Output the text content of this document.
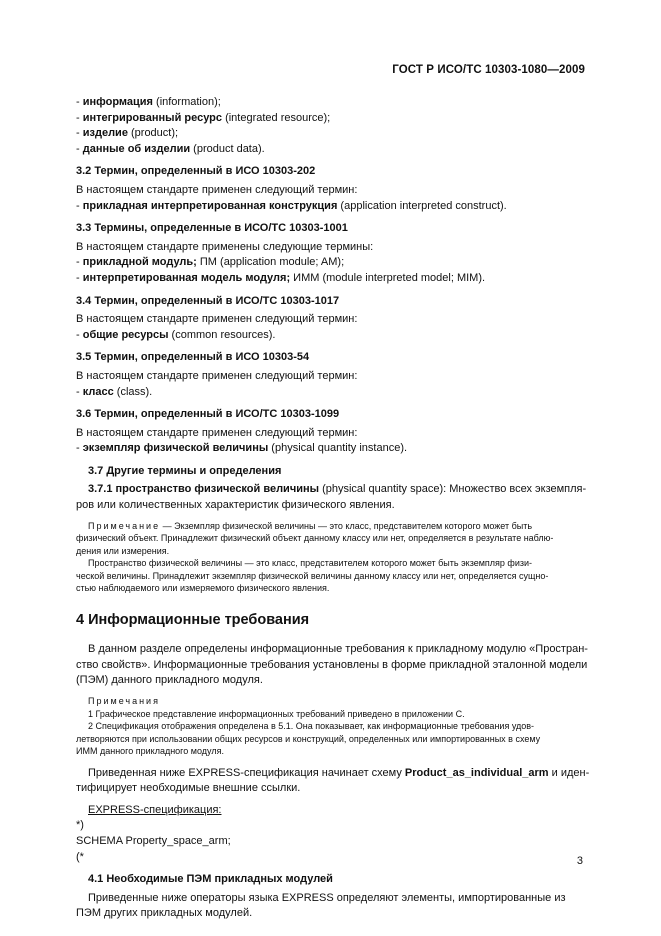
ГОСТ Р ИСО/ТС 10303-1080—2009

- информация (information);

- интегрированный ресурс (integrated resource);

- изделие (product);

- данные об изделии (product data).

3.2 Термин, определенный в ИСО 10303-202

В настоящем стандарте применен следующий термин:

- прикладная интерпретированная конструкция (application interpreted construct).

3.3 Термины, определенные в ИСО/ТС 10303-1001

В настоящем стандарте применены следующие термины:

- прикладной модуль; ПМ (application module; AM);

- интерпретированная модель модуля; ИММ (module interpreted model; MIM).

3.4 Термин, определенный в ИСО/ТС 10303-1017

В настоящем стандарте применен следующий термин:

- общие ресурсы (common resources).

3.5 Термин, определенный в ИСО 10303-54

В настоящем стандарте применен следующий термин:

- класс (class).

3.6 Термин, определенный в ИСО/ТС 10303-1099

В настоящем стандарте применен следующий термин:

- экземпляр физической величины (physical quantity instance).

3.7 Другие термины и определения

3.7.1 пространство физической величины (physical quantity space): Множество всех экземпля-

ров или количественных характеристик физического явления.

Примечание — Экземпляр физической величины — это класс, представителем которого может быть

физический объект. Принадлежит физический объект данному классу или нет, определяется в результате наблю-

дения или измерения.

Пространство физической величины — это класс, представителем которого может быть экземпляр физи-

ческой величины. Принадлежит экземпляр физической величины данному классу или нет, определяется сущно-

стью наблюдаемого или измеряемого физического явления.

4 Информационные требования

В данном разделе определены информационные требования к прикладному модулю «Простран-

ство свойств». Информационные требования установлены в форме прикладной эталонной модели

(ПЭМ) данного прикладного модуля.

Примечания

1 Графическое представление информационных требований приведено в приложении С.

2 Спецификация отображения определена в 5.1. Она показывает, как информационные требования удов-

летворяются при использовании общих ресурсов и конструкций, определенных или импортированных в схему

ИММ данного прикладного модуля.

Приведенная ниже EXPRESS-спецификация начинает схему Product_as_individual_arm и иден-

тифицирует необходимые внешние ссылки.

EXPRESS-спецификация:

*)

SCHEMA Property_space_arm;

(*

4.1 Необходимые ПЭМ прикладных модулей

Приведенные ниже операторы языка EXPRESS определяют элементы, импортированные из

ПЭМ других прикладных модулей.

3
